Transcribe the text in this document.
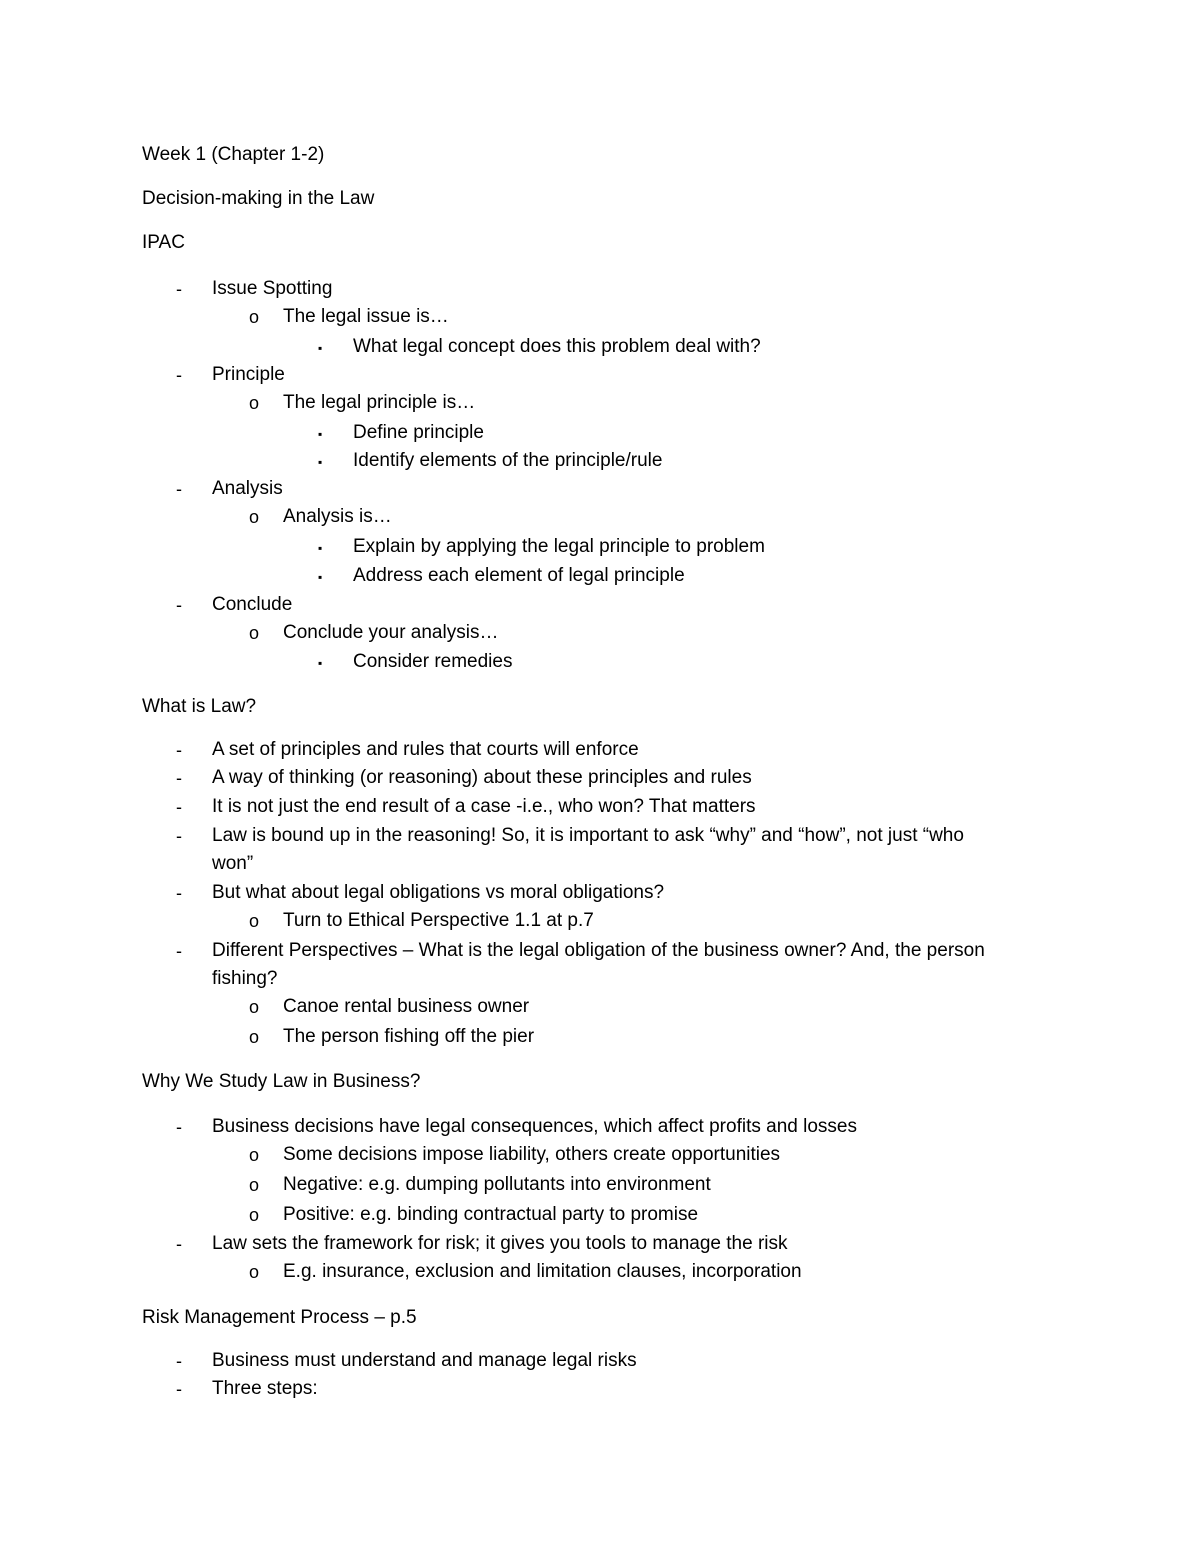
Week 1 (Chapter 1-2)
Decision-making in the Law
IPAC
- Issue Spotting
o The legal issue is…
▪ What legal concept does this problem deal with?
- Principle
o The legal principle is…
▪ Define principle
▪ Identify elements of the principle/rule
- Analysis
o Analysis is…
▪ Explain by applying the legal principle to problem
▪ Address each element of legal principle
- Conclude
o Conclude your analysis…
▪ Consider remedies
What is Law?
- A set of principles and rules that courts will enforce
- A way of thinking (or reasoning) about these principles and rules
- It is not just the end result of a case -i.e., who won? That matters
- Law is bound up in the reasoning! So, it is important to ask “why” and “how”, not just “who
won”
- But what about legal obligations vs moral obligations?
o Turn to Ethical Perspective 1.1 at p.7
- Different Perspectives – What is the legal obligation of the business owner? And, the person
fishing?
o Canoe rental business owner
o The person fishing off the pier
Why We Study Law in Business?
- Business decisions have legal consequences, which affect profits and losses
o Some decisions impose liability, others create opportunities
o Negative: e.g. dumping pollutants into environment
o Positive: e.g. binding contractual party to promise
- Law sets the framework for risk; it gives you tools to manage the risk
o E.g. insurance, exclusion and limitation clauses, incorporation
Risk Management Process – p.5
- Business must understand and manage legal risks
- Three steps:
